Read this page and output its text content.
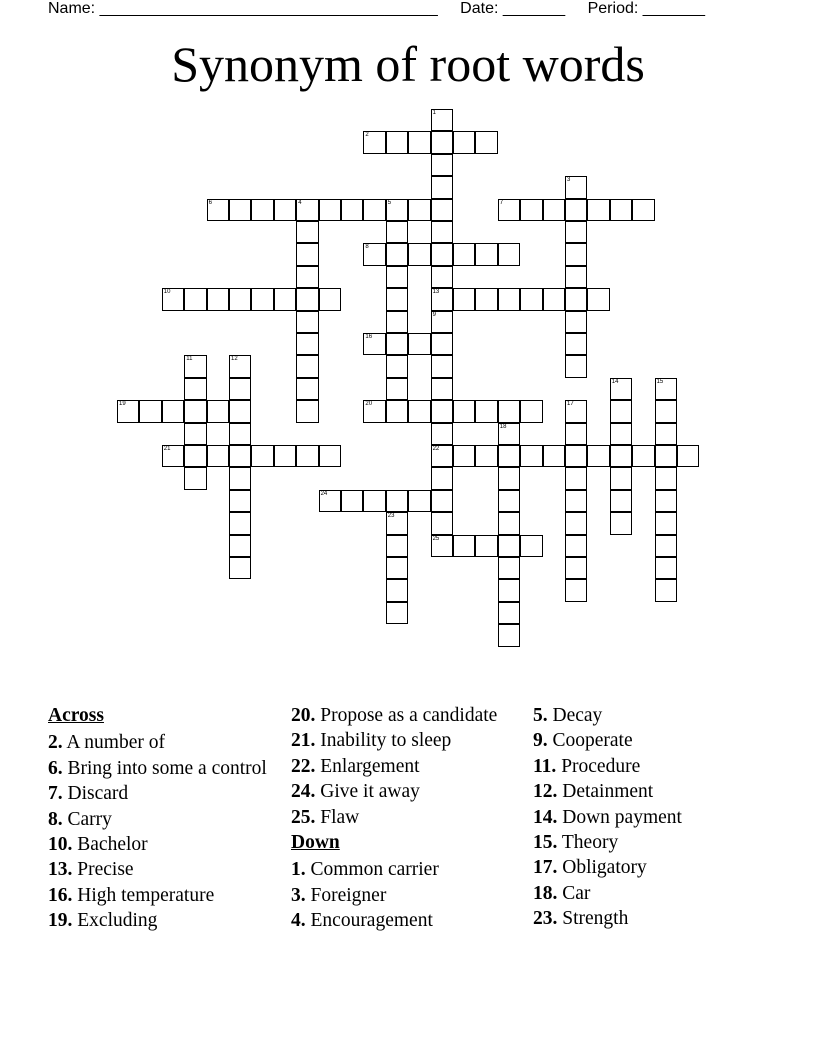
Name: ______________________________________ Date: _______ Period: _______
Synonym of root words
2
6	4	5	7
8
10	13
16
19	20
21	22
24
25
1
3
9
11	12
14	15
17
18
23
Across
2. A number of
6. Bring into some a control
7. Discard
8. Carry
10. Bachelor
13. Precise
16. High temperature
19. Excluding
20. Propose as a candidate
21. Inability to sleep
22. Enlargement
24. Give it away
25. Flaw
Down
1. Common carrier
3. Foreigner
4. Encouragement
5. Decay
9. Cooperate
11. Procedure
12. Detainment
14. Down payment
15. Theory
17. Obligatory
18. Car
23. Strength
